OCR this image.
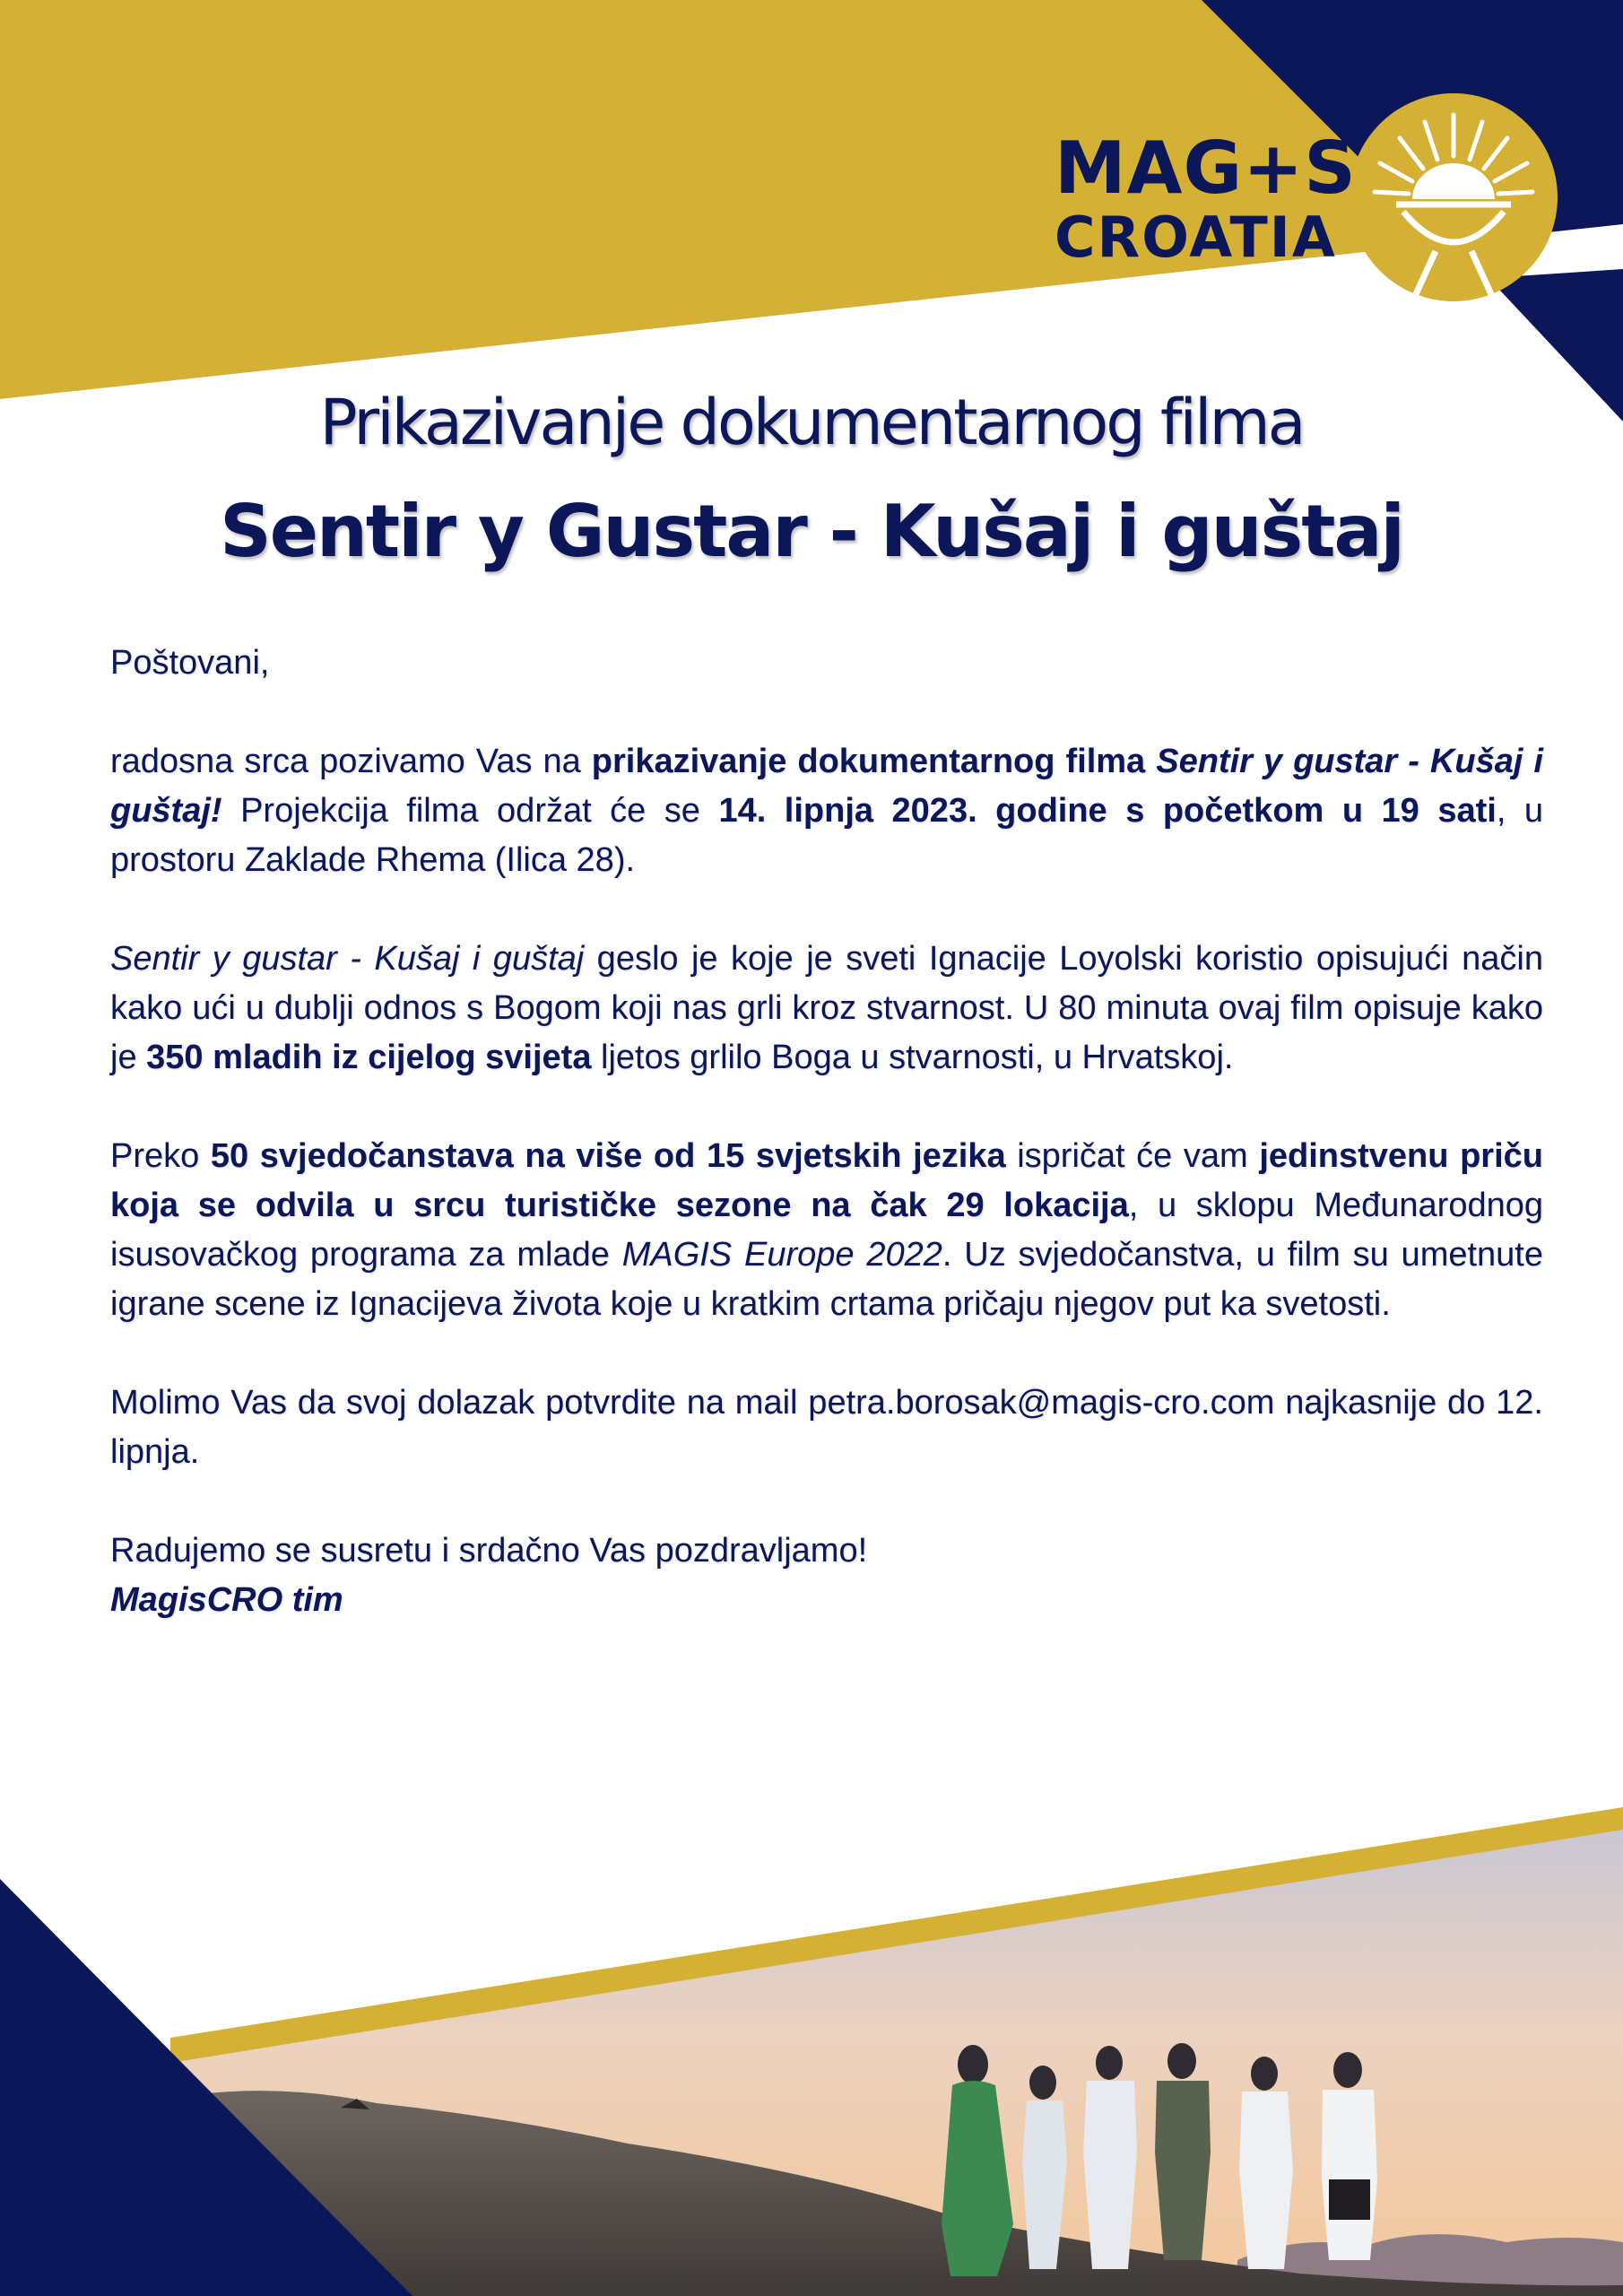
MAG+S
CROATIA
Prikazivanje dokumentarnog filma
Sentir y Gustar - Kušaj i guštaj

Poštovani,

radosna srca pozivamo Vas na prikazivanje dokumentarnog filma Sentir y gustar - Kušaj i guštaj! Projekcija filma održat će se 14. lipnja 2023. godine s početkom u 19 sati, u prostoru Zaklade Rhema (Ilica 28).

Sentir y gustar - Kušaj i guštaj geslo je koje je sveti Ignacije Loyolski koristio opisujući način kako ući u dublji odnos s Bogom koji nas grli kroz stvarnost. U 80 minuta ovaj film opisuje kako je 350 mladih iz cijelog svijeta ljetos grlilo Boga u stvarnosti, u Hrvatskoj.

Preko 50 svjedočanstava na više od 15 svjetskih jezika ispričat će vam jedinstvenu priču koja se odvila u srcu turističke sezone na čak 29 lokacija, u sklopu Međunarodnog isusovačkog programa za mlade MAGIS Europe 2022. Uz svjedočanstva, u film su umetnute igrane scene iz Ignacijeva života koje u kratkim crtama pričaju njegov put ka svetosti.

Molimo Vas da svoj dolazak potvrdite na mail petra.borosak@magis-cro.com najkasnije do 12. lipnja.

Radujemo se susretu i srdačno Vas pozdravljamo!
MagisCRO tim
